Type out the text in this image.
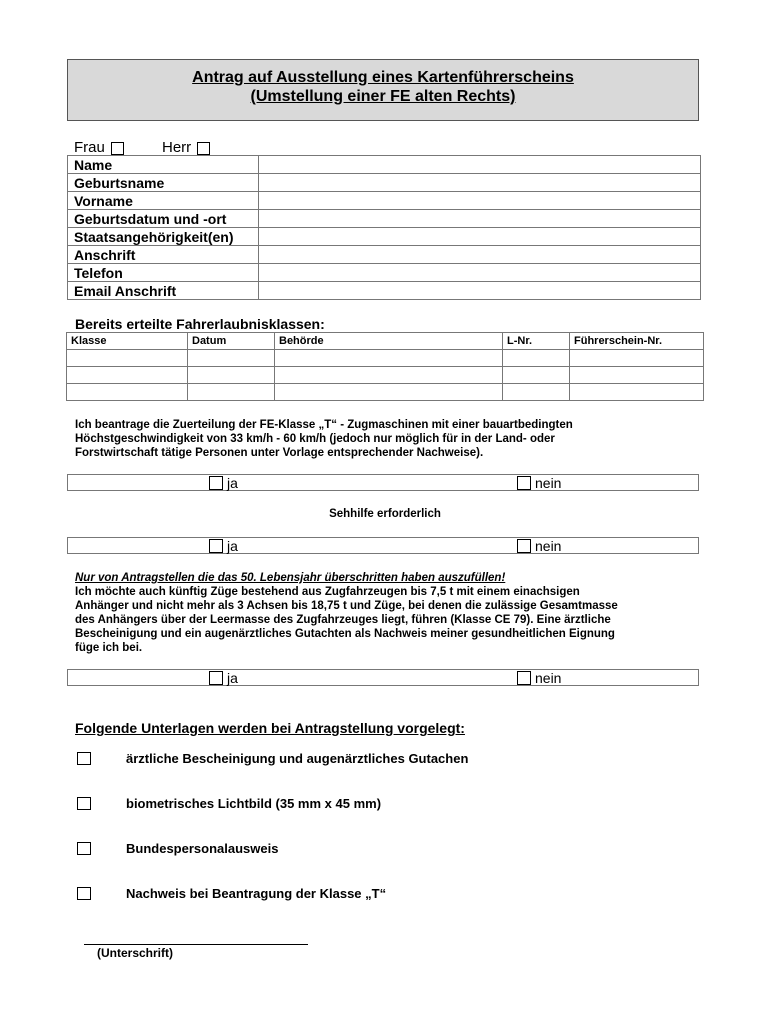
Antrag auf Ausstellung eines Kartenführerscheins
(Umstellung einer FE alten Rechts)
Frau	Herr
Name	
Geburtsname	
Vorname	
Geburtsdatum und -ort	
Staatsangehörigkeit(en)	
Anschrift	
Telefon	
Email Anschrift	
Bereits erteilte Fahrerlaubnisklassen:
Klasse	Datum	Behörde	L-Nr.	Führerschein-Nr.

Ich beantrage die Zuerteilung der FE-Klasse „T“ - Zugmaschinen mit einer bauartbedingten
Höchstgeschwindigkeit von 33 km/h - 60 km/h (jedoch nur möglich für in der Land- oder
Forstwirtschaft tätige Personen unter Vorlage entsprechender Nachweise).
ja	nein
Sehhilfe erforderlich
ja	nein
Nur von Antragstellen die das 50. Lebensjahr überschritten haben auszufüllen!
Ich möchte auch künftig Züge bestehend aus Zugfahrzeugen bis 7,5 t mit einem einachsigen
Anhänger und nicht mehr als 3 Achsen bis 18,75 t und Züge, bei denen die zulässige Gesamtmasse
des Anhängers über der Leermasse des Zugfahrzeuges liegt, führen (Klasse CE 79). Eine ärztliche
Bescheinigung und ein augenärztliches Gutachten als Nachweis meiner gesundheitlichen Eignung
füge ich bei.
ja	nein
Folgende Unterlagen werden bei Antragstellung vorgelegt:
ärztliche Bescheinigung und augenärztliches Gutachen
biometrisches Lichtbild (35 mm x 45 mm)
Bundespersonalausweis
Nachweis bei Beantragung der Klasse „T“
(Unterschrift)
